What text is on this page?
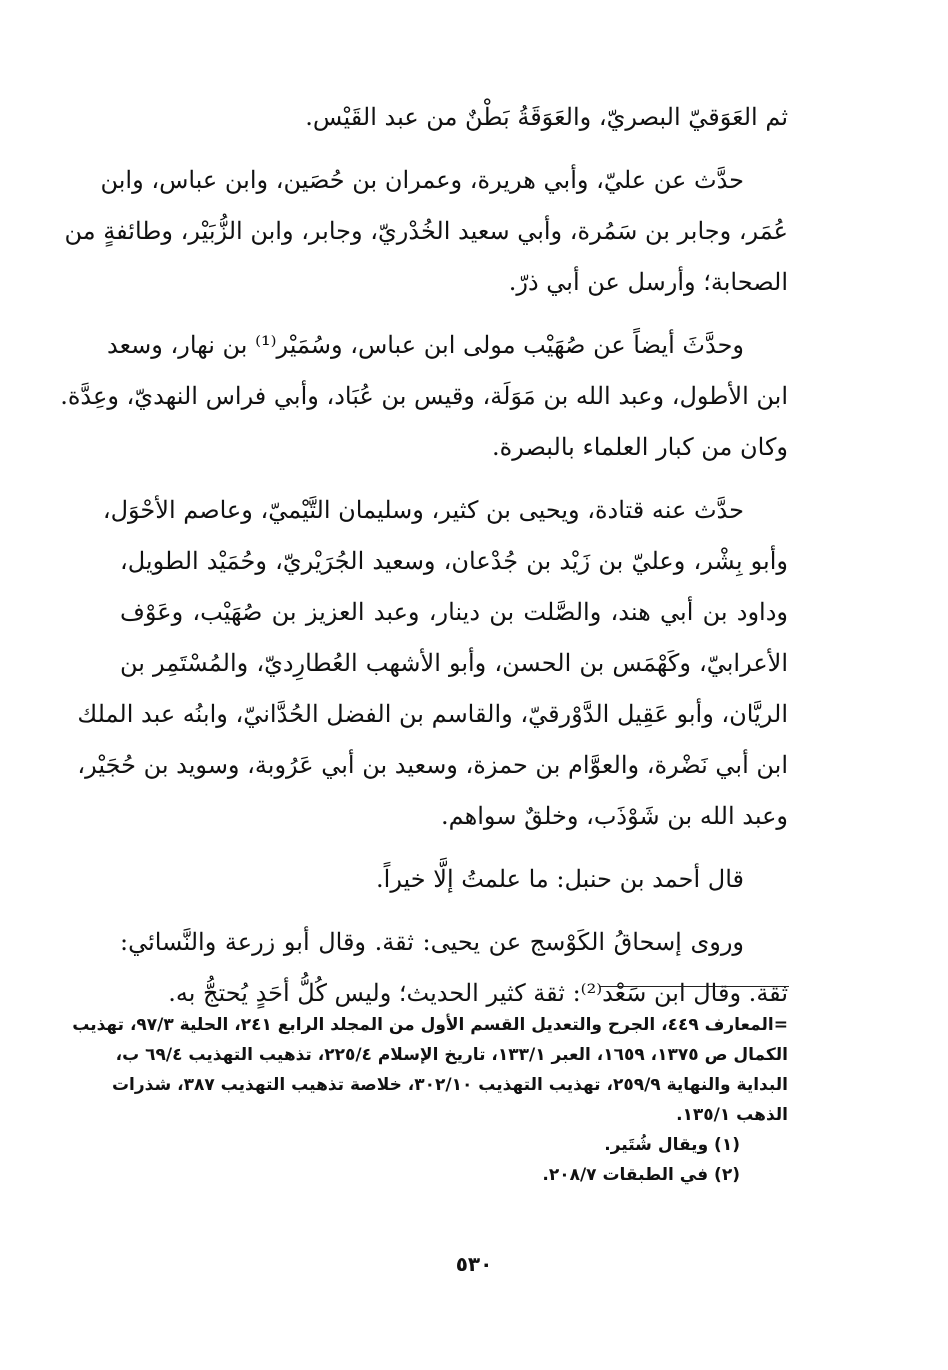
ثم العَوَقيّ البصريّ، والعَوَقَةُ بَطْنٌ من عبد القَيْس.
حدَّث عن عليّ، وأبي هريرة، وعمران بن حُصَين، وابن عباس، وابن
عُمَر، وجابر بن سَمُرة، وأبي سعيد الخُدْريّ، وجابر، وابن الزُّبَيْر، وطائفةٍ من
الصحابة؛ وأرسل عن أبي ذرّ.
وحدَّثَ أيضاً عن صُهَيْب مولى ابن عباس، وسُمَيْر⁽¹⁾ بن نهار، وسعد
ابن الأطول، وعبد الله بن مَوَلَة، وقيس بن عُبَاد، وأبي فراس النهديّ، وعِدَّة.
وكان من كبار العلماء بالبصرة.
حدَّث عنه قتادة، ويحيى بن كثير، وسليمان التَّيْميّ، وعاصم الأحْوَل،
وأبو بِشْر، وعليّ بن زَيْد بن جُدْعان، وسعيد الجُرَيْريّ، وحُمَيْد الطويل،
وداود بن أبي هند، والصَّلت بن دينار، وعبد العزيز بن صُهَيْب، وعَوْف
الأعرابيّ، وكَهْمَس بن الحسن، وأبو الأشهب العُطارِديّ، والمُسْتَمِر بن
الريَّان، وأبو عَقِيل الدَّوْرقيّ، والقاسم بن الفضل الحُدَّانيّ، وابنُه عبد الملك
ابن أبي نَضْرة، والعوَّام بن حمزة، وسعيد بن أبي عَرُوبة، وسويد بن حُجَيْر،
وعبد الله بن شَوْذَب، وخلقٌ سواهم.
قال أحمد بن حنبل: ما علمتُ إلَّا خيراً.
وروى إسحاقُ الكَوْسج عن يحيى: ثقة. وقال أبو زرعة والنَّسائي:
ثقة. وقال ابن سَعْد⁽²⁾: ثقة كثير الحديث؛ وليس كُلُّ أحَدٍ يُحتجُّ به.
=المعارف ٤٤٩، الجرح والتعديل القسم الأول من المجلد الرابع ٢٤١، الحلية ٩٧/٣، تهذيب
الكمال ص ١٣٧٥، ١٦٥٩، العبر ١٣٣/١، تاريخ الإسلام ٢٢٥/٤، تذهيب التهذيب ٦٩/٤ ب،
البداية والنهاية ٢٥٩/٩، تهذيب التهذيب ٣٠٢/١٠، خلاصة تذهيب التهذيب ٣٨٧، شذرات
الذهب ١٣٥/١.
(١) ويقال شُتَير.
(٢) في الطبقات ٢٠٨/٧.
٥٣٠
